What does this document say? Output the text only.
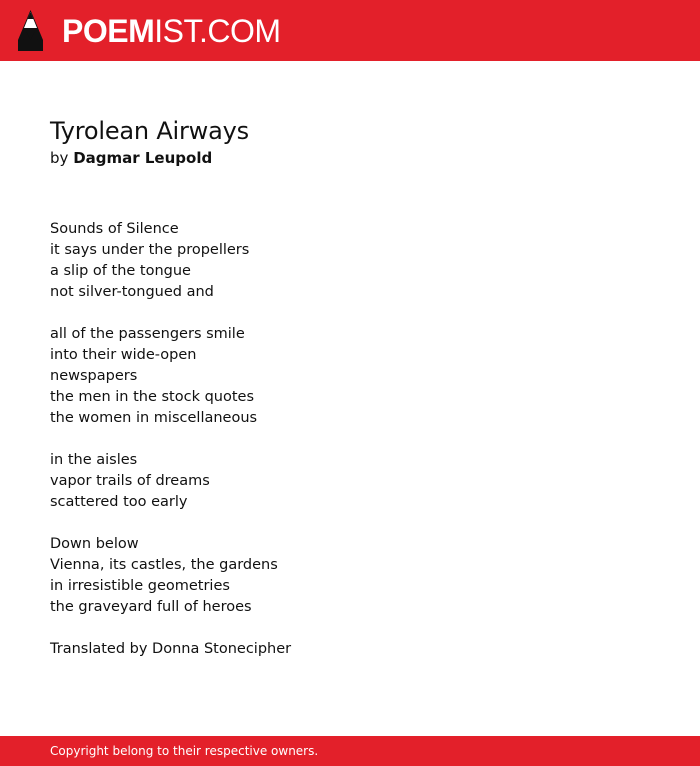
POEMIST.COM
Tyrolean Airways
by Dagmar Leupold
Sounds of Silence
it says under the propellers
a slip of the tongue
not silver-tongued and
all of the passengers smile
into their wide-open
newspapers
the men in the stock quotes
the women in miscellaneous
in the aisles
vapor trails of dreams
scattered too early
Down below
Vienna, its castles, the gardens
in irresistible geometries
the graveyard full of heroes
Translated by Donna Stonecipher
Copyright belong to their respective owners.
